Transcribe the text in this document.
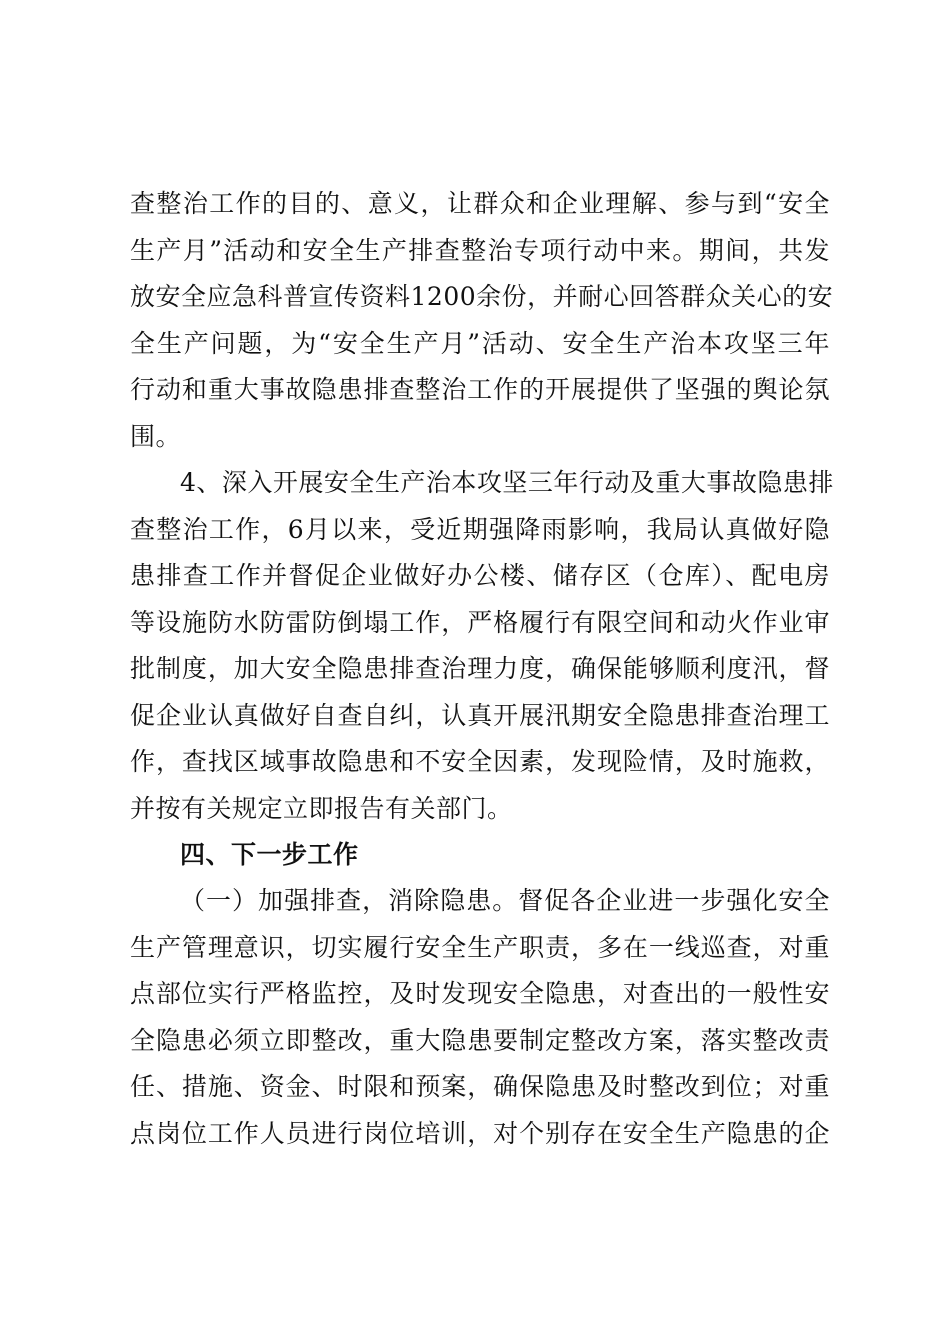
查整治工作的目的、意义，让群众和企业理解、参与到“安全
生产月”活动和安全生产排查整治专项行动中来。期间，共发
放安全应急科普宣传资料1200余份，并耐心回答群众关心的安
全生产问题，为“安全生产月”活动、安全生产治本攻坚三年
行动和重大事故隐患排查整治工作的开展提供了坚强的舆论氛
围。
4、深入开展安全生产治本攻坚三年行动及重大事故隐患排
查整治工作，6月以来，受近期强降雨影响，我局认真做好隐
患排查工作并督促企业做好办公楼、储存区（仓库）、配电房
等设施防水防雷防倒塌工作，严格履行有限空间和动火作业审
批制度，加大安全隐患排查治理力度，确保能够顺利度汛，督
促企业认真做好自查自纠，认真开展汛期安全隐患排查治理工
作，查找区域事故隐患和不安全因素，发现险情，及时施救，
并按有关规定立即报告有关部门。
四、下一步工作
（一）加强排查，消除隐患。督促各企业进一步强化安全
生产管理意识，切实履行安全生产职责，多在一线巡查，对重
点部位实行严格监控，及时发现安全隐患，对查出的一般性安
全隐患必须立即整改，重大隐患要制定整改方案，落实整改责
任、措施、资金、时限和预案，确保隐患及时整改到位；对重
点岗位工作人员进行岗位培训，对个别存在安全生产隐患的企
